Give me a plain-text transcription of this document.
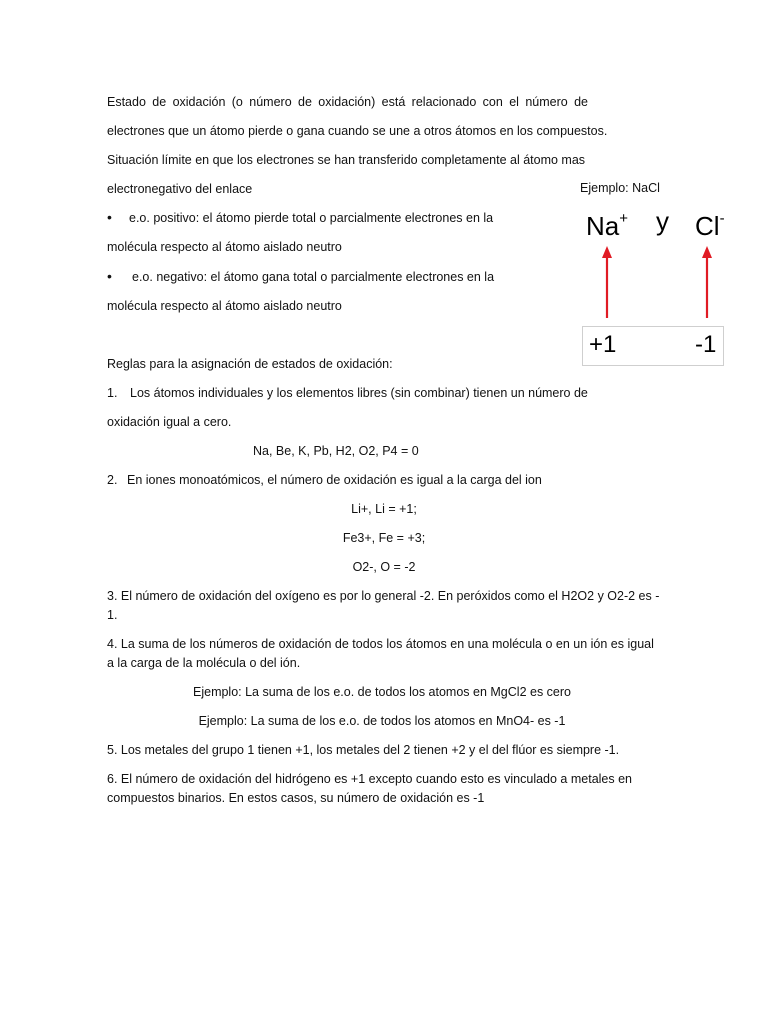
Estado de oxidación (o número de oxidación) está relacionado con el número de
electrones que un átomo pierde o gana cuando se une a otros átomos en los compuestos.
Situación límite en que los electrones se han transferido completamente al átomo mas
electronegativo del enlace
• e.o. positivo: el átomo pierde total o parcialmente electrones en la
molécula respecto al átomo aislado neutro
• e.o. negativo: el átomo gana total o parcialmente electrones en la
molécula respecto al átomo aislado neutro
Ejemplo: NaCl
Na+ y Cl-
+1	-1
Reglas para la asignación de estados de oxidación:
1. Los átomos individuales y los elementos libres (sin combinar) tienen un número de
oxidación igual a cero.
Na, Be, K, Pb, H2, O2, P4 = 0
2. En iones monoatómicos, el número de oxidación es igual a la carga del ion
Li+, Li = +1;
Fe3+, Fe = +3;
O2-, O = -2
3. El número de oxidación del oxígeno es por lo general -2. En peróxidos como el H2O2 y O2-2 es -
1.
4. La suma de los números de oxidación de todos los átomos en una molécula o en un ión es igual
a la carga de la molécula o del ión.
Ejemplo: La suma de los e.o. de todos los atomos en MgCl2 es cero
Ejemplo: La suma de los e.o. de todos los atomos en MnO4- es -1
5. Los metales del grupo 1 tienen +1, los metales del 2 tienen +2 y el del flúor es siempre -1.
6. El número de oxidación del hidrógeno es +1 excepto cuando esto es vinculado a metales en
compuestos binarios. En estos casos, su número de oxidación es -1
